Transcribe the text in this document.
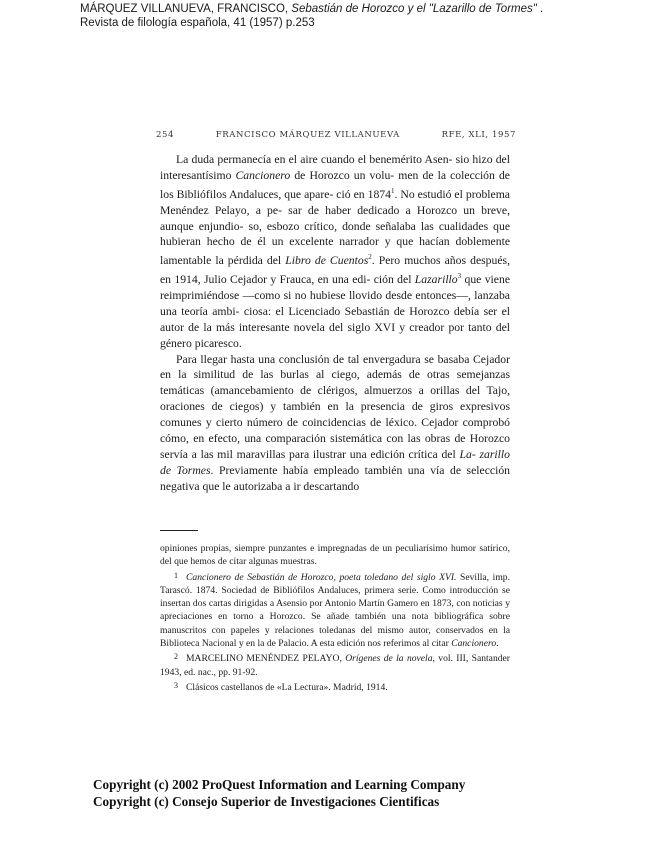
MÁRQUEZ VILLANUEVA, FRANCISCO, Sebastián de Horozco y el "Lazarillo de Tormes" .
Revista de filología española, 41 (1957) p.253
254	FRANCISCO MÁRQUEZ VILLANUEVA	RFE, XLI, 1957

La duda permanecía en el aire cuando el benemérito Asen- sio hizo del interesantísimo Cancionero de Horozco un volu- men de la colección de los Bibliófilos Andaluces, que apare- ció en 1874$^1$. No estudió el problema Menéndez Pelayo, a pe- sar de haber dedicado a Horozco un breve, aunque enjundio- so, esbozo crítico, donde señalaba las cualidades que hubieran hecho de él un excelente narrador y que hacían doblemente lamentable la pérdida del Libro de Cuentos$^2$. Pero muchos años después, en 1914, Julio Cejador y Frauca, en una edi- ción del Lazarillo$^3$ que viene reimprimiéndose —como si no hubiese llovido desde entonces—, lanzaba una teoría ambi- ciosa: el Licenciado Sebastián de Horozco debía ser el autor de la más interesante novela del siglo XVI y creador por tanto del género picaresco.

Para llegar hasta una conclusión de tal envergadura se basaba Cejador en la similitud de las burlas al ciego, además de otras semejanzas temáticas (amancebamiento de clérigos, almuerzos a orillas del Tajo, oraciones de ciegos) y también en la presencia de giros expresivos comunes y cierto número de coincidencias de léxico. Cejador comprobó cómo, en efecto, una comparación sistemática con las obras de Horozco servía a las mil maravillas para ilustrar una edición crítica del La- zarillo de Tormes. Previamente había empleado también una vía de selección negativa que le autorizaba a ir descartando

opiniones propias, siempre punzantes e impregnadas de un peculiarísimo humor satírico, del que hemos de citar algunas muestras.

$^1$ Cancionero de Sebastián de Horozco, poeta toledano del siglo XVI. Sevilla, imp. Tarascó. 1874. Sociedad de Bibliófilos Andaluces, primera serie. Como introducción se insertan dos cartas dirigidas a Asensio por Antonio Martín Gamero en 1873, con noticias y apreciaciones en torno a Horozco. Se añade también una nota bibliográfica sobre manuscritos con papeles y relaciones toledanas del mismo autor, conservados en la Biblioteca Nacional y en la de Palacio. A esta edición nos referimos al citar Cancionero.

$^2$ MARCELINO MENÉNDEZ PELAYO, Orígenes de la novela, vol. III, Santander 1943, ed. nac., pp. 91-92.

$^3$ Clásicos castellanos de «La Lectura». Madrid, 1914.

Copyright (c) 2002 ProQuest Information and Learning Company
Copyright (c) Consejo Superior de Investigaciones Cientificas
